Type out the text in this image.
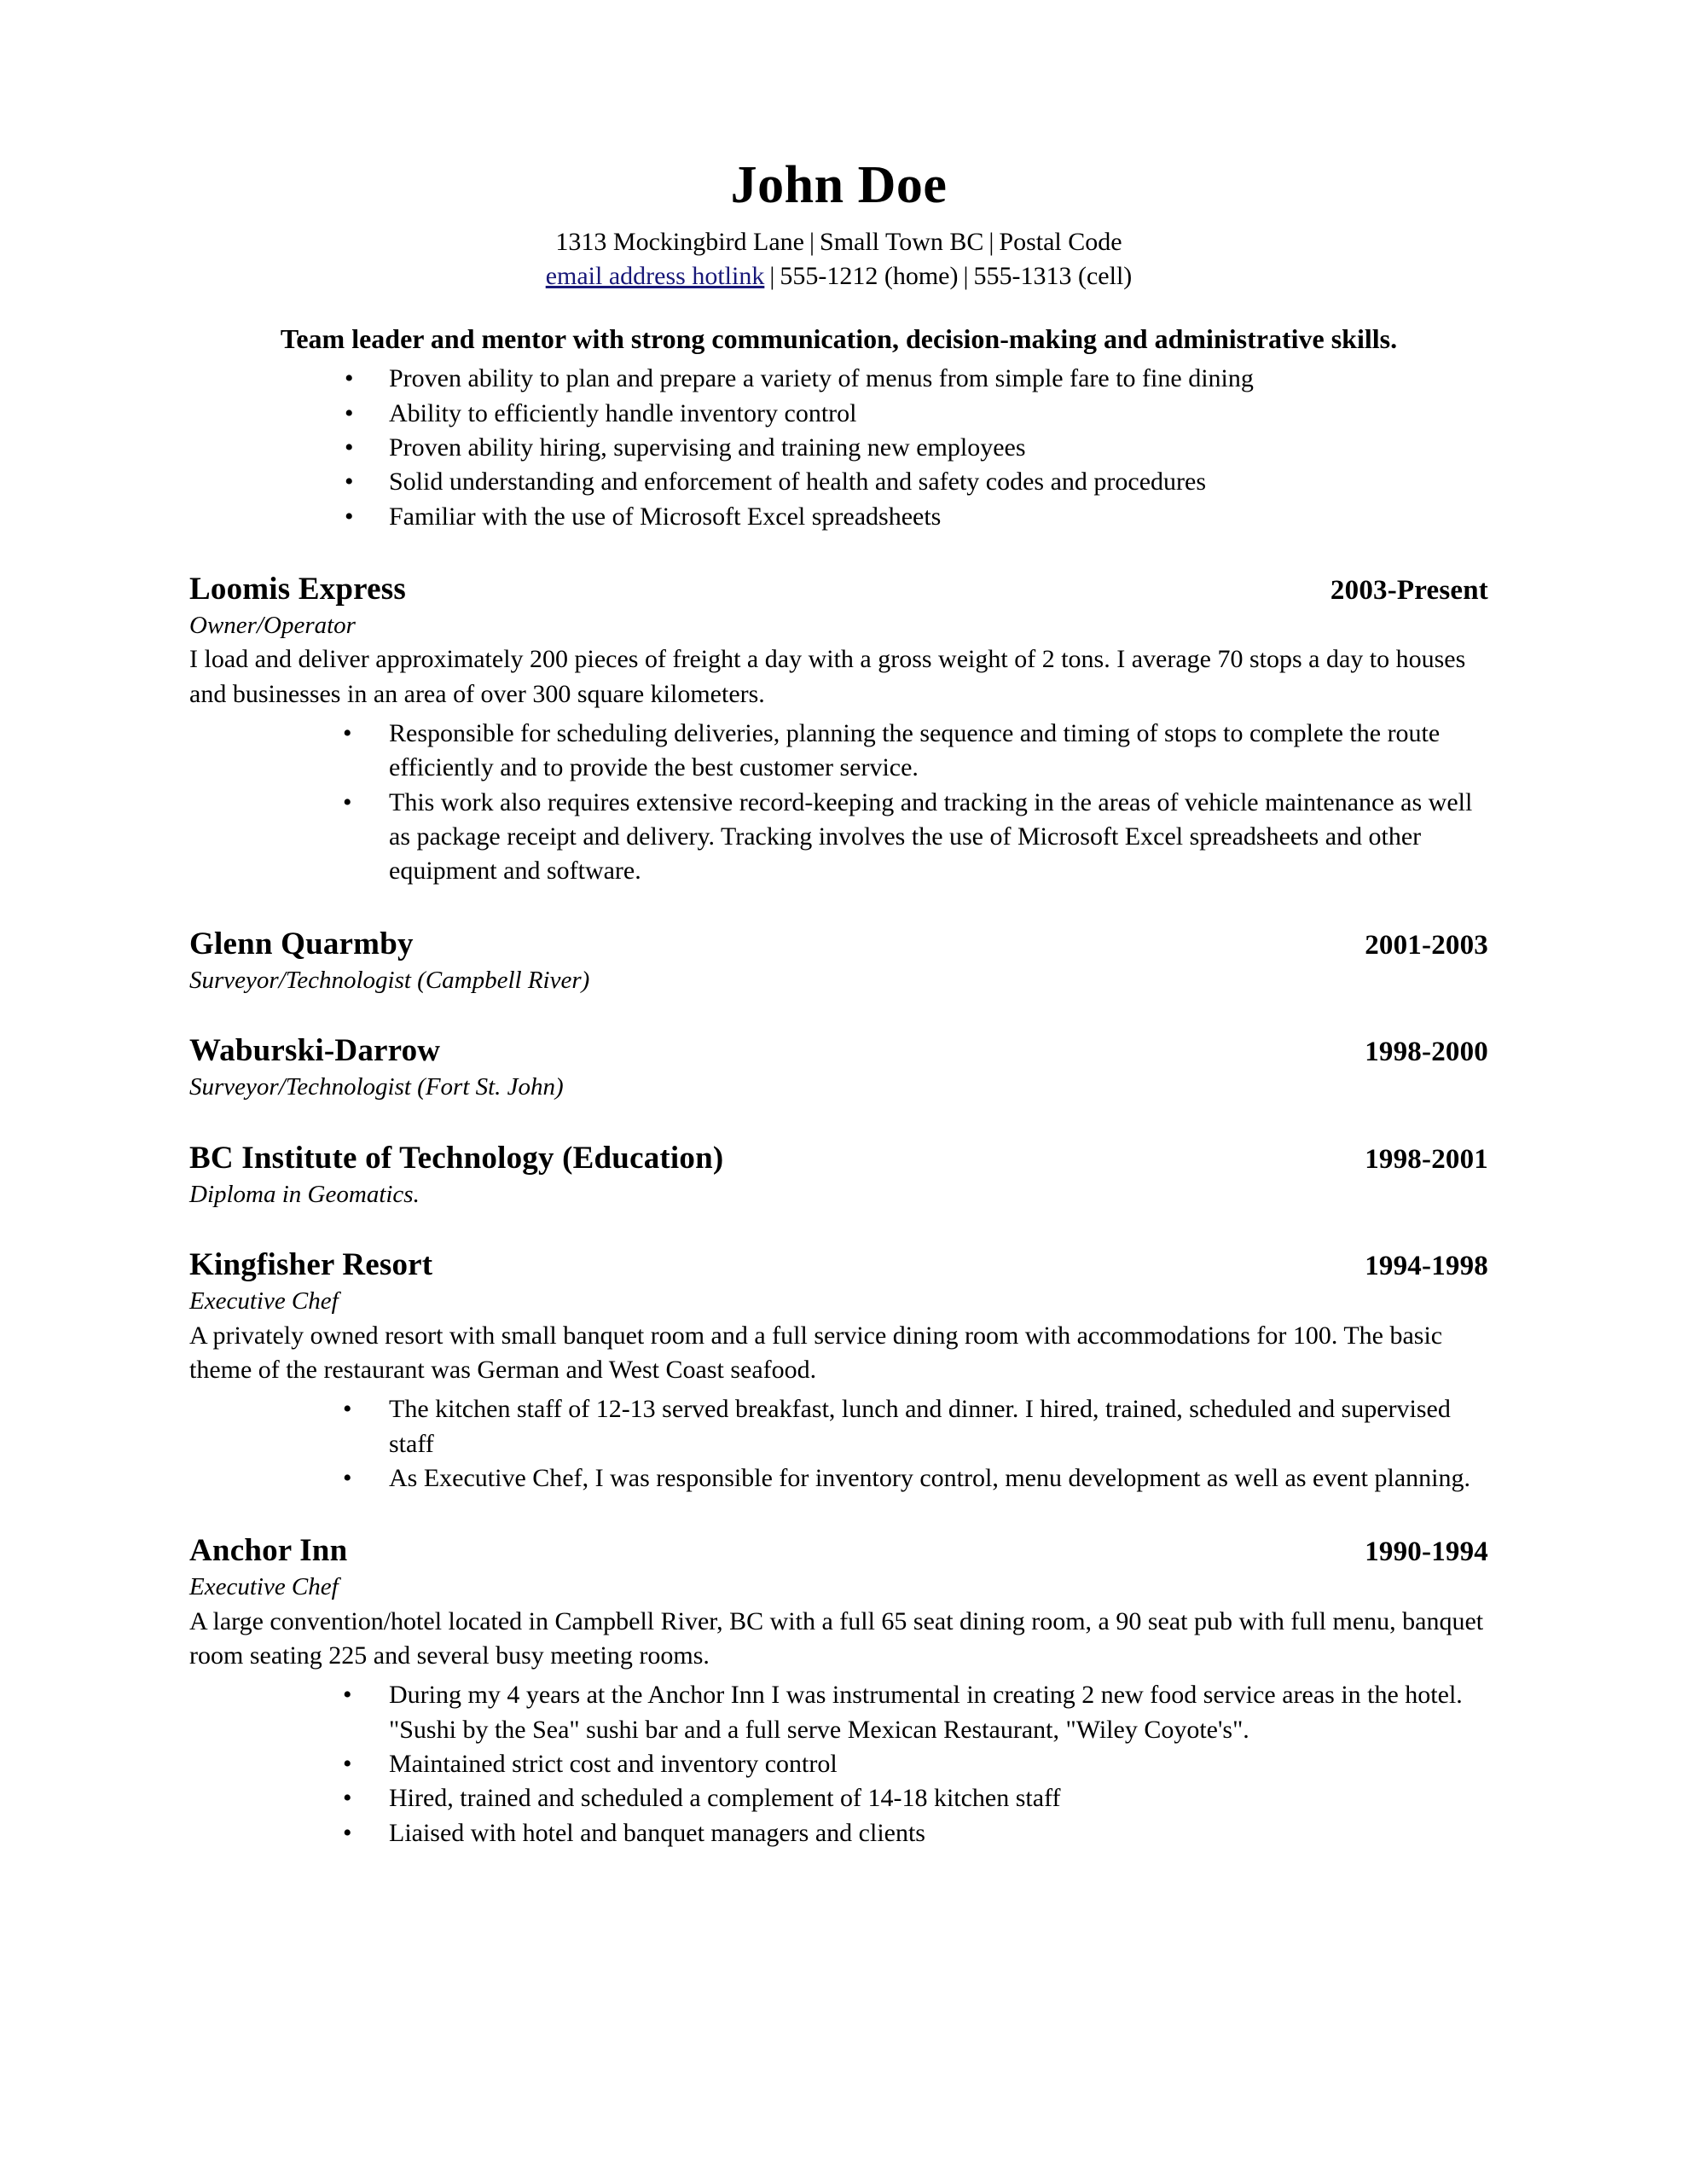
John Doe
1313 Mockingbird Lane | Small Town BC | Postal Code
email address hotlink | 555-1212 (home) | 555-1313 (cell)
Team leader and mentor with strong communication, decision-making and administrative skills.
• Proven ability to plan and prepare a variety of menus from simple fare to fine dining
• Ability to efficiently handle inventory control
• Proven ability hiring, supervising and training new employees
• Solid understanding and enforcement of health and safety codes and procedures
• Familiar with the use of Microsoft Excel spreadsheets
Loomis Express	2003-Present
Owner/Operator
I load and deliver approximately 200 pieces of freight a day with a gross weight of 2 tons. I average 70 stops a day to houses and businesses in an area of over 300 square kilometers.
• Responsible for scheduling deliveries, planning the sequence and timing of stops to complete the route efficiently and to provide the best customer service.
• This work also requires extensive record-keeping and tracking in the areas of vehicle maintenance as well as package receipt and delivery. Tracking involves the use of Microsoft Excel spreadsheets and other equipment and software.
Glenn Quarmby	2001-2003
Surveyor/Technologist (Campbell River)
Waburski-Darrow	1998-2000
Surveyor/Technologist (Fort St. John)
BC Institute of Technology (Education)	1998-2001
Diploma in Geomatics.
Kingfisher Resort	1994-1998
Executive Chef
A privately owned resort with small banquet room and a full service dining room with accommodations for 100. The basic theme of the restaurant was German and West Coast seafood.
• The kitchen staff of 12-13 served breakfast, lunch and dinner. I hired, trained, scheduled and supervised staff
• As Executive Chef, I was responsible for inventory control, menu development as well as event planning.
Anchor Inn	1990-1994
Executive Chef
A large convention/hotel located in Campbell River, BC with a full 65 seat dining room, a 90 seat pub with full menu, banquet room seating 225 and several busy meeting rooms.
• During my 4 years at the Anchor Inn I was instrumental in creating 2 new food service areas in the hotel. "Sushi by the Sea" sushi bar and a full serve Mexican Restaurant, "Wiley Coyote's".
• Maintained strict cost and inventory control
• Hired, trained and scheduled a complement of 14-18 kitchen staff
• Liaised with hotel and banquet managers and clients
